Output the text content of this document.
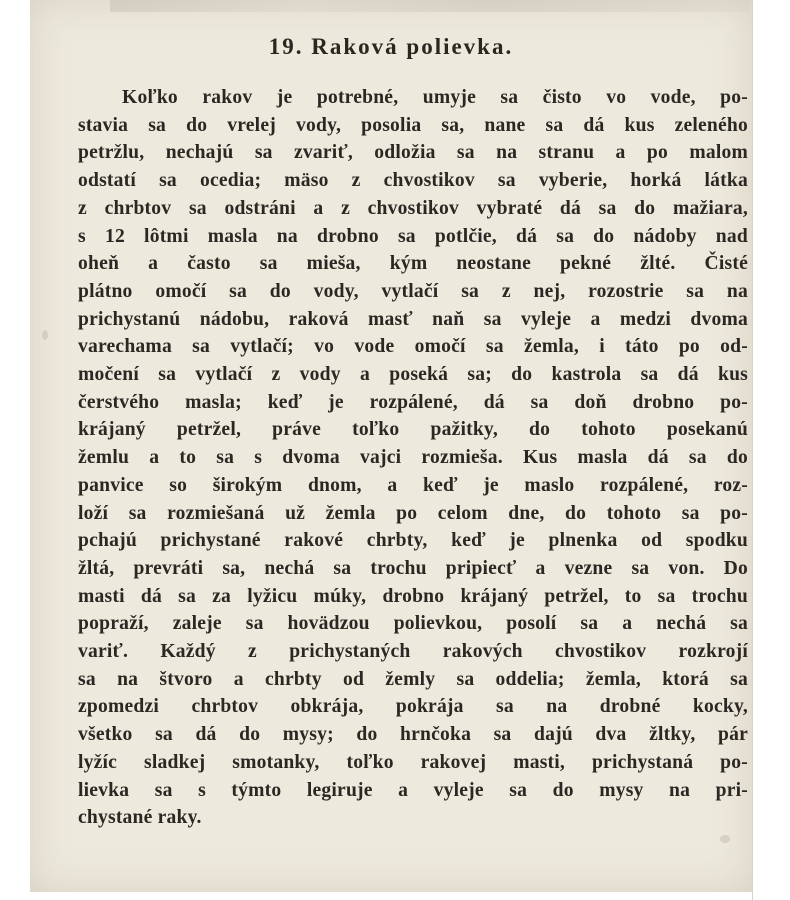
19. Raková polievka.
Koľko rakov je potrebné, umyje sa čisto vo vode, po-
stavia sa do vrelej vody, posolia sa, nane sa dá kus zeleného
petržlu, nechajú sa zvariť, odložia sa na stranu a po malom
odstatí sa ocedia; mäso z chvostikov sa vyberie, horká látka
z chrbtov sa odstráni a z chvostikov vybraté dá sa do mažiara,
s 12 lôtmi masla na drobno sa potlčie, dá sa do nádoby nad
oheň a často sa mieša, kým neostane pekné žlté. Čisté
plátno omočí sa do vody, vytlačí sa z nej, rozostrie sa na
prichystanú nádobu, raková masť naň sa vyleje a medzi dvoma
varechama sa vytlačí; vo vode omočí sa žemla, i táto po od-
močení sa vytlačí z vody a poseká sa; do kastrola sa dá kus
čerstvého masla; keď je rozpálené, dá sa doň drobno po-
krájaný petržel, práve toľko pažitky, do tohoto posekanú
žemlu a to sa s dvoma vajci rozmieša. Kus masla dá sa do
panvice so širokým dnom, a keď je maslo rozpálené, roz-
loží sa rozmiešaná už žemla po celom dne, do tohoto sa po-
pchajú prichystané rakové chrbty, keď je plnenka od spodku
žltá, prevráti sa, nechá sa trochu pripiecť a vezne sa von. Do
masti dá sa za lyžicu múky, drobno krájaný petržel, to sa trochu
popraží, zaleje sa hovädzou polievkou, posolí sa a nechá sa
variť. Každý z prichystaných rakových chvostikov rozkrojí
sa na štvoro a chrbty od žemly sa oddelia; žemla, ktorá sa
zpomedzi chrbtov obkrája, pokrája sa na drobné kocky,
všetko sa dá do mysy; do hrnčoka sa dajú dva žltky, pár
lyžíc sladkej smotanky, toľko rakovej masti, prichystaná po-
lievka sa s týmto legiruje a vyleje sa do mysy na pri-
chystané raky.
